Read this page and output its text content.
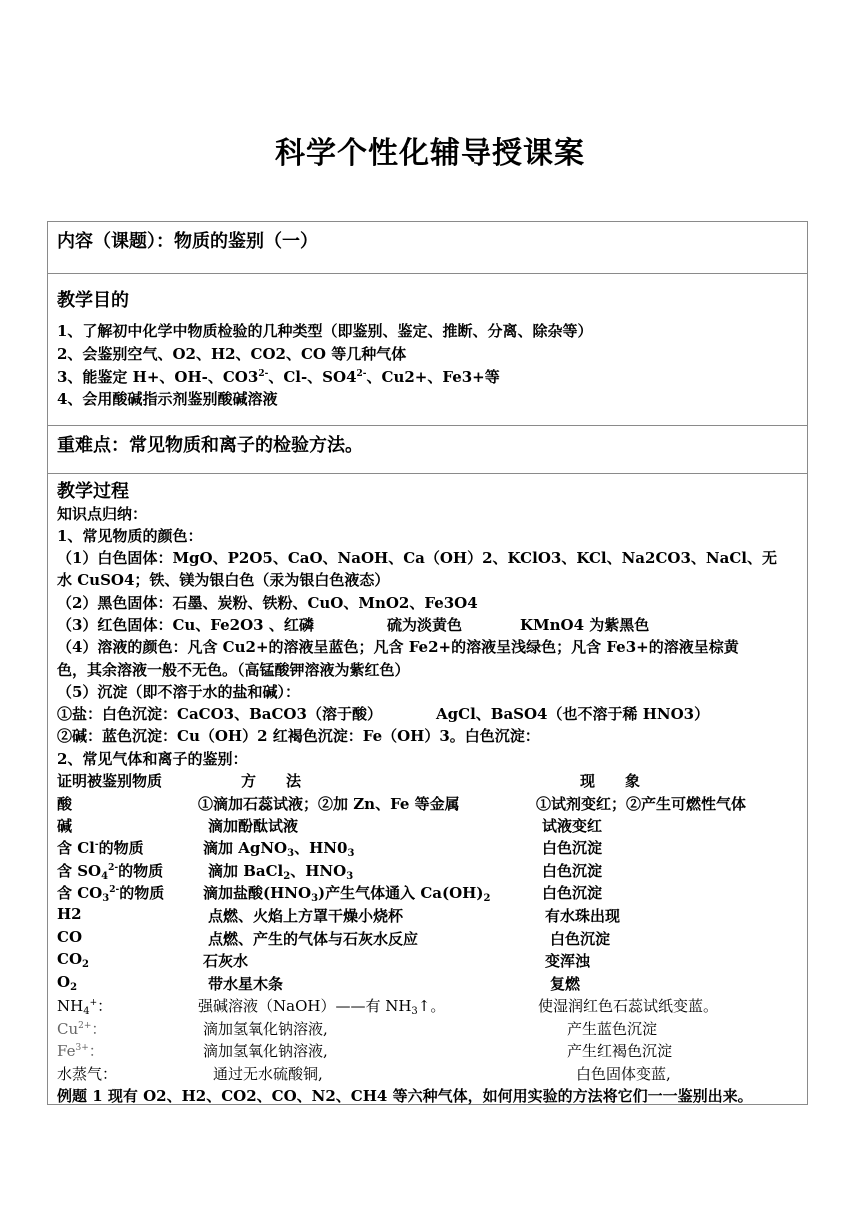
科学个性化辅导授课案
内容（课题）：物质的鉴别（一）
教学目的
1、了解初中化学中物质检验的几种类型（即鉴别、鉴定、推断、分离、除杂等）
2、会鉴别空气、O2、H2、CO2、CO 等几种气体
3、能鉴定 H+、OH-、$CO3^{2-}$、Cl-、$SO4^{2-}$、Cu2+、Fe3+等
4、会用酸碱指示剂鉴别酸碱溶液
重难点：常见物质和离子的检验方法。
教学过程
知识点归纳：
1、常见物质的颜色：
（1）白色固体：MgO、P2O5、CaO、NaOH、Ca（OH）2、KClO3、KCl、Na2CO3、NaCl、无
水 CuSO4；铁、镁为银白色（汞为银白色液态）
（2）黑色固体：石墨、炭粉、铁粉、CuO、MnO2、Fe3O4
（3）红色固体：Cu、Fe2O3 、红磷	硫为淡黄色	KMnO4 为紫黑色
（4）溶液的颜色：凡含 Cu2+的溶液呈蓝色；凡含 Fe2+的溶液呈浅绿色；凡含 Fe3+的溶液呈棕黄
色，其余溶液一般不无色。（高锰酸钾溶液为紫红色）
（5）沉淀（即不溶于水的盐和碱）：
①盐：白色沉淀：CaCO3、BaCO3（溶于酸）	AgCl、BaSO4（也不溶于稀 HNO3）
②碱：蓝色沉淀：Cu（OH）2 红褐色沉淀：Fe（OH）3。白色沉淀：
2、常见气体和离子的鉴别：
证明被鉴别物质	方　　法	现　　象
酸	①滴加石蕊试液；②加 Zn、Fe 等金属	①试剂变红；②产生可燃性气体
碱	滴加酚酞试液	试液变红
含 Cl-的物质	滴加 AgNO$_3$、$HN0_3$	白色沉淀
含 $SO_4^{2-}$的物质	滴加 BaCl$_2$、$HNO_3$	白色沉淀
含 $CO_3^{2-}$的物质	滴加盐酸$(HNO_3)$产生气体通入 $Ca(OH)_2$	白色沉淀
H2	点燃、火焰上方罩干燥小烧杯	有水珠出现
CO	点燃、产生的气体与石灰水反应	白色沉淀
$CO_2$	石灰水	变浑浊
$O_2$	带水星木条	复燃
$NH_4^+$：	强碱溶液（NaOH）——有 $NH_3↑$。	使湿润红色石蕊试纸变蓝。
$Cu^{2+}$：	滴加氢氧化钠溶液,	产生蓝色沉淀
$Fe^{3+}$：	滴加氢氧化钠溶液,	产生红褐色沉淀
水蒸气：	通过无水硫酸铜,	白色固体变蓝,
例题 1 现有 O2、H2、CO2、CO、N2、CH4 等六种气体，如何用实验的方法将它们一一鉴别出来。
